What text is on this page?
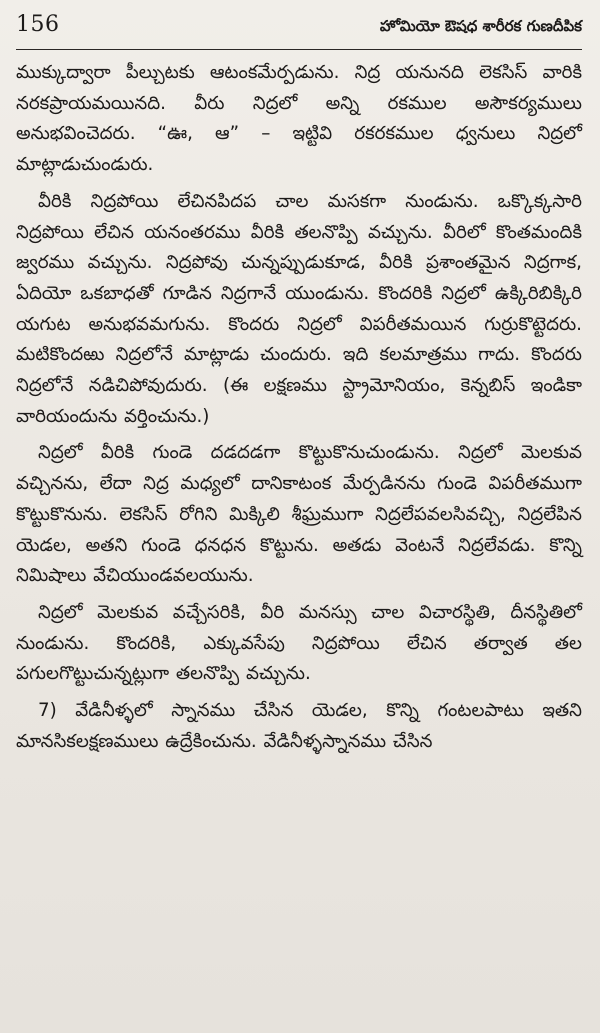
156	హోమియో ఔషధ శారీరక గుణదీపిక

ముక్కుద్వారా పీల్చుటకు ఆటంకమేర్పడును. నిద్ర యనునది లెకసిస్ వారికి నరకప్రాయమయినది. వీరు నిద్రలో అన్ని రకముల అసౌకర్యములు అనుభవించెదరు. “ఊ, ఆ” – ఇట్టివి రకరకముల ధ్వనులు నిద్రలో మాట్లాడుచుండురు.

వీరికి నిద్రపోయి లేచినపిదప చాల మసకగా నుండును. ఒక్కొక్కసారి నిద్రపోయి లేచిన యనంతరము వీరికి తలనొప్పి వచ్చును. వీరిలో కొంతమందికి జ్వరము వచ్చును. నిద్రపోవు చున్నప్పుడుకూడ, వీరికి ప్రశాంతమైన నిద్రగాక, ఏదియో ఒకబాధతో గూడిన నిద్రగానే యుండును. కొందరికి నిద్రలో ఉక్కిరిబిక్కిరి యగుట అనుభవమగును. కొందరు నిద్రలో విపరీతమయిన గుర్రుకొట్టెదరు. మటికొందఱు నిద్రలోనే మాట్లాడు చుందురు. ఇది కలమాత్రము గాదు. కొందరు నిద్రలోనే నడిచిపోవుదురు. (ఈ లక్షణము స్ట్రామోనియం, కెన్నబిస్ ఇండికా వారియందును వర్తించును.)

నిద్రలో వీరికి గుండె దడదడగా కొట్టుకొనుచుండును. నిద్రలో మెలకువ వచ్చినను, లేదా నిద్ర మధ్యలో దానికాటంక మేర్పడినను గుండె విపరీతముగా కొట్టుకొనును. లెకసిస్ రోగిని మిక్కిలి శీఘ్రముగా నిద్రలేపవలసివచ్చి, నిద్రలేపిన యెడల, అతని గుండె ధనధన కొట్టును. అతడు వెంటనే నిద్రలేవడు. కొన్ని నిమిషాలు వేచియుండవలయును.

నిద్రలో మెలకువ వచ్చేసరికి, వీరి మనస్సు చాల విచారస్థితి, దీనస్థితిలో నుండును. కొందరికి, ఎక్కువసేపు నిద్రపోయి లేచిన తర్వాత తల పగులగొట్టుచున్నట్లుగా తలనొప్పి వచ్చును.

7) వేడినీళ్ళలో స్నానము చేసిన యెడల, కొన్ని గంటలపాటు ఇతని మానసికలక్షణములు ఉద్రేకించును. వేడినీళ్ళస్నానము చేసిన
